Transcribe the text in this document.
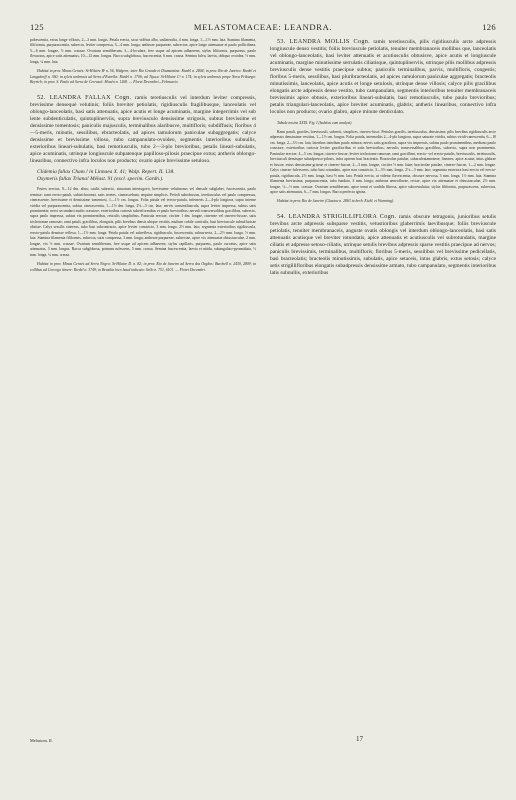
125	MELASTOMACEAE: LEANDRA.	126

pubescentia, extus longe villosis, 2—3 mm. longis. Petala erecta, sicut vidētur albo, unilateralia, 4 mm. longa, 1—1½ mm. lata. Stamina filamenta, filiformia, purpurascentia, subrecta, leviter compressa, 3—4 mm. longa; antherae purpureae, subrectae, apice longe attenuatae et paulo pollicilinea, 5—6 mm. longae, ½ mm. crassae. Ovarium semiliberum, 3—4-loculare, free usque ad apicem adhaerens; stylus filiformis, purpureus, paulo flexuosus, apice satis attenuatus, 10—12 mm. longus. Bacca subglobosa, fuscescentia, 6 mm. crassa. Semina fulva, laevia, obliquo ovoidea, ½ mm. longa, ¼ mm. lata.

Habitat in prov. Minas Geraës: St-Hilaire B¹ n. 56, Widgren; inter Rio Grande et Diamantina: Riedel n. 2804; in prov. Rio de Janeiro: Riedel et Langsdorff n. 360; in sylvis umbrosis ad Serra d'Estrella: Riedel n. 1706; ad Tijuca: St-Hilaire C² n. 174; in sylvis umbrosis prope Nova Friburgo: Beyrich; in prov. S. Paulo ad Serra de Cerrasol: Mosén n. 1268. — Floret Decembri—Februario.

52. LEANDRA FALLAX Cogn. ramis teretiusculis vel interdum leviter compressis, brevissime densequé velutinis; foliis breviter petiolatis, rigidiusculis fragilibusque, lanceolatis vel oblongo-lanceolatis, basi satis attenuatis, apice acutis et longe acuminatis, margine integerrimis vel sub lente subdenticulatis, quintuplinerviis, supra breviusculo densissime strigosis, subtus brevissime et densissime tomentosis; paniculis majusculis, terminalibus alaribusve, multifloris; subdiffusis; floribus 4—5-meris, minutis, sessilibus, ebracteolatis, ad apices ramulorum paniculae subaggregatis; calyce densissime et brevissime villoso, tubo campanulato-ovoideo, segmentis interioribus subnullis, exterioribus lineari-subulatis, basi remotiusculis, tubo 2—3-plo brevioribus, petalis lineari-subulatis, apice acuminatis, utrinque longiuscule subpatenque papilloso-pilosis praecipue extus; antheris oblongo-linearibus, connectivo infra loculos non producto; ovario apice brevissime setuloso.

Clidemia fallax Cham.! in Linnaea X. 41; Walp. Repert. II. 138.

Oxymeris fallax Triana! Mélast. 91 (excl. specim. Gardn.).

Frutex erectus, 9—12 dm. altus; caulis subrecto, sinuatum interiugoeo, brevissime velutinosus vel densule subglaber, fuscescentia, paulo remisse; rami erecto-patuli, subtrichotomii, satis teretes, cinerascebant, aequine simplicis. Petioli subrobustus, teretiusculus vel paulo compressus, cinerascente, brevissime et densissime tomentosi, 1—1½ cm. longus. Folia patula vel erecto-patula, inferneris 2—4-plo longiora, supra intense viridia vel purpurascentia, subtus cinerascentia, 1—1½ dm. longa, 2½—5 cm. lata; nervis consimiliuscula, supra leviter impressa, subtus satis prominentis; nervi secundarii multo crassiore, exterioribus curiosis suberiformibus et paulo brevioribus; nervuli transversalibus gracilibus, subrecto, supra paulo impressa, subtus vix prominentibus, reticulis simplicibus. Panicula erectae, circiter 1 dm. longae, cinereae vel cinereo-fuscae, satis trichotomae ramosae; rami patuli, gracilibus, elongatis, pilis brevibus densis ubique vestitis, multum cubile caniculis, basi breviuscule subsulfuricae obsitae. Calyx sessilis cinereus, tubo basi subcontracto, apice leviter constricto, 3 mm. longo, 2½ mm. lato; segmenta exterioribus rigidiuscula, erecto-patula densisse reflexa, 1—1½ mm. longa. Petala patula vel subreflexa, rigidiuscula, fuscescentia, subsurrecta, 2—2½ mm. longa, ½ mm. lata. Stamina filamenta filiformis, subrecta, satis compressa, 3 mm. longa; antherae purpureae, subrectae, apice vix attenuatae obtusiusculae, 2 mm. longae, vix ½ mm. crassae. Ovarium semiliberum, free usque ad apicem adhaerens; stylus capillaris, purpureus, paulo curvatus, apice satis attenuatus, 3 mm. longus. Bacca subglobosa, primum rufescens, 5 mm. crassa. Semina fuscescentia, laevia et nitida, subangulato-pyramidata, ⅓ mm. longa, ¼ mm. crassa.

Habitat in prov. Minas Geraës ad Serra Negra: St-Hilaire D. n. 82; in prov. Rio de Janeiro ad Serra dos Orgãos: Burchell n. 2430, 2809; in collibus ad Corcogo itinere: Riedel n. 3749; in Brasilia loco haud indicato: Sello n. 751, 6101. — Floret Decembri.

53. LEANDRA MOLLIS Cogn. ramis teretiusculis, pilis rigidiusculis arcte adpressis longiuscule denso vestitis; foliis breviuscule petiolatis, tenuiter membranaceis mollibus que, lanceolatis vel oblongo-lanceolatis, basi leviter attenuatis et acutiusculis obtusisve, apice acutis et longiuscule acuminatis, margine minutissime serrulatis ciliatisque, quintuplinerviis, utrinque pilis mollibus adpressis breviusculis dense vestitis praecipue subtus; paniculis terminalibus, parvis, multifloris, congestis; floribus 5-meris, sessilibus, basi pluribracteolatis, ad apices ramulorum paniculae aggregatis; bracteolis minutissimis, lanceolatis, apice acutis et longe setulosis, utrinque dense villosis; calyce pilis gracilibus elongatis arcte adpressis dense vestito, tubo campanulato, segmentis interioribus tenuiter membranaceis brevissimis apice obtusis, exterioribus lineari-subulatis, basi remotiusculis, tubo paulo brevioribus; petalis triangulari-lanceolatis, apice breviter acuminatis, glabris; antheris linearibus, connectivo infra loculos non producto; ovario glabro, apice minute denticulato.

Tabula nostra XXIX. Fig. I (habitus cum analysi).

Rami paruli, graciles, breviusculi, subrecti, simplices, cinereo-fusci. Petiolus gracilis, teretiusculus, densissime, pilis brevibus rigidiusculis arcte adpressis densissime vestitus, 1—1½ cm. longus. Folia patula, internodiis 2—4-plo longiora, supra saturate viridia, subtus viridi-canescentia, 6—10 cm. longa, 2—3½ cm. lata, lateribus interdum paulo minora; nervis satis graciliora, supra vix impressis, subtus paulo prominentibus, mediano paulo crassiore, exterioribus curiosis leviter gracilioribus et satis brevioribus; nervulis transversalibus gracilibus, subrecto, supra non prominentis. Paniculae erectae, 4—5 cm. longae, cinereo-fuscae, leviter trichotome ramosae; rami gracillimi, erecto- vel erecto-patulis, breviusculis, teretiusculis, breviusculi densisque subadpresso-pilosis, infra apicem basi bracteatis. Bracteolae patulae, subaculeatameaeae, lineares, apice acutae, intus glabrae et fuscae, extus densissime griseae et cinereo-fuscae, 2—3 mm. longae, circiter ½ mm. latae; bracteolae patulae, cinereo-fuscae, 1—2 mm. longae. Calyx cinereo-fulvescens, tubo basi rotundato, apice non constricto, 3—3½ mm. longo, 2½—3 mm. lato; segmenta exteriora basi erecta vel erecto-patula, rigidiuscula, 2½ mm. longa, basi ⅔ mm. lata. Petala erecta, ut videtur flavescentia, obscure nervosa, 3 mm. longa, 1½ mm. lata. Stamina filamenta brevissima, purpurascentia, tubo fundato, 3 mm. longa; antherae aeneoflavae, rectae, apice vix attenuatae et obtusiusculae, 2½ mm. longae, ⅓—½ mm. crassae. Ovarium semiliberum, apice tenui et sordida fibrosa, apice subcrenulatus; stylus filiformis, purpurascens, subrectus, apice satis attenuatus, 6—7 mm. longus. Bacca perfecta ignota.

Habitat in prov. Rio de Janeiro (Glaziou n. 2863 in herb. Eichl. et Warming).

54. LEANDRA STRIGILLIFLORA Cogn. ramis obscure tetragonis, junioribus setulis brevibus arcte adpressis subsparse vestitis, vetustioribus glaberrimis laevibusque; foliis breviuscule petiolatis, tenuiter membranaceis, anguste ovatis oblongis vel interdum oblongo-lanceolatis, basi satis attenuatis acutisque vel breviter rotundatis, apice attenuatis et acutiusculis vel subrotundatis, margine ciliatis et adpresse setoso-ciliatis, utrinque setulis brevibus adpressis sparse vestitis praecipue ad nervos; paniculis brevissimis, terminalibus, multifloris; floribus 5-meris, sessilibus vel brevissime pedicellatis, basi bracteolatis; bracteolis minutissimis, subulatis, apice setaceis, intus glabris, extus setosis; calyce setis strigillifloribus elongatis subadpressis densissime armato, tubo campanulato, segmentis interioribus latis subnullis, exterioribus

Melastom. II.	17
